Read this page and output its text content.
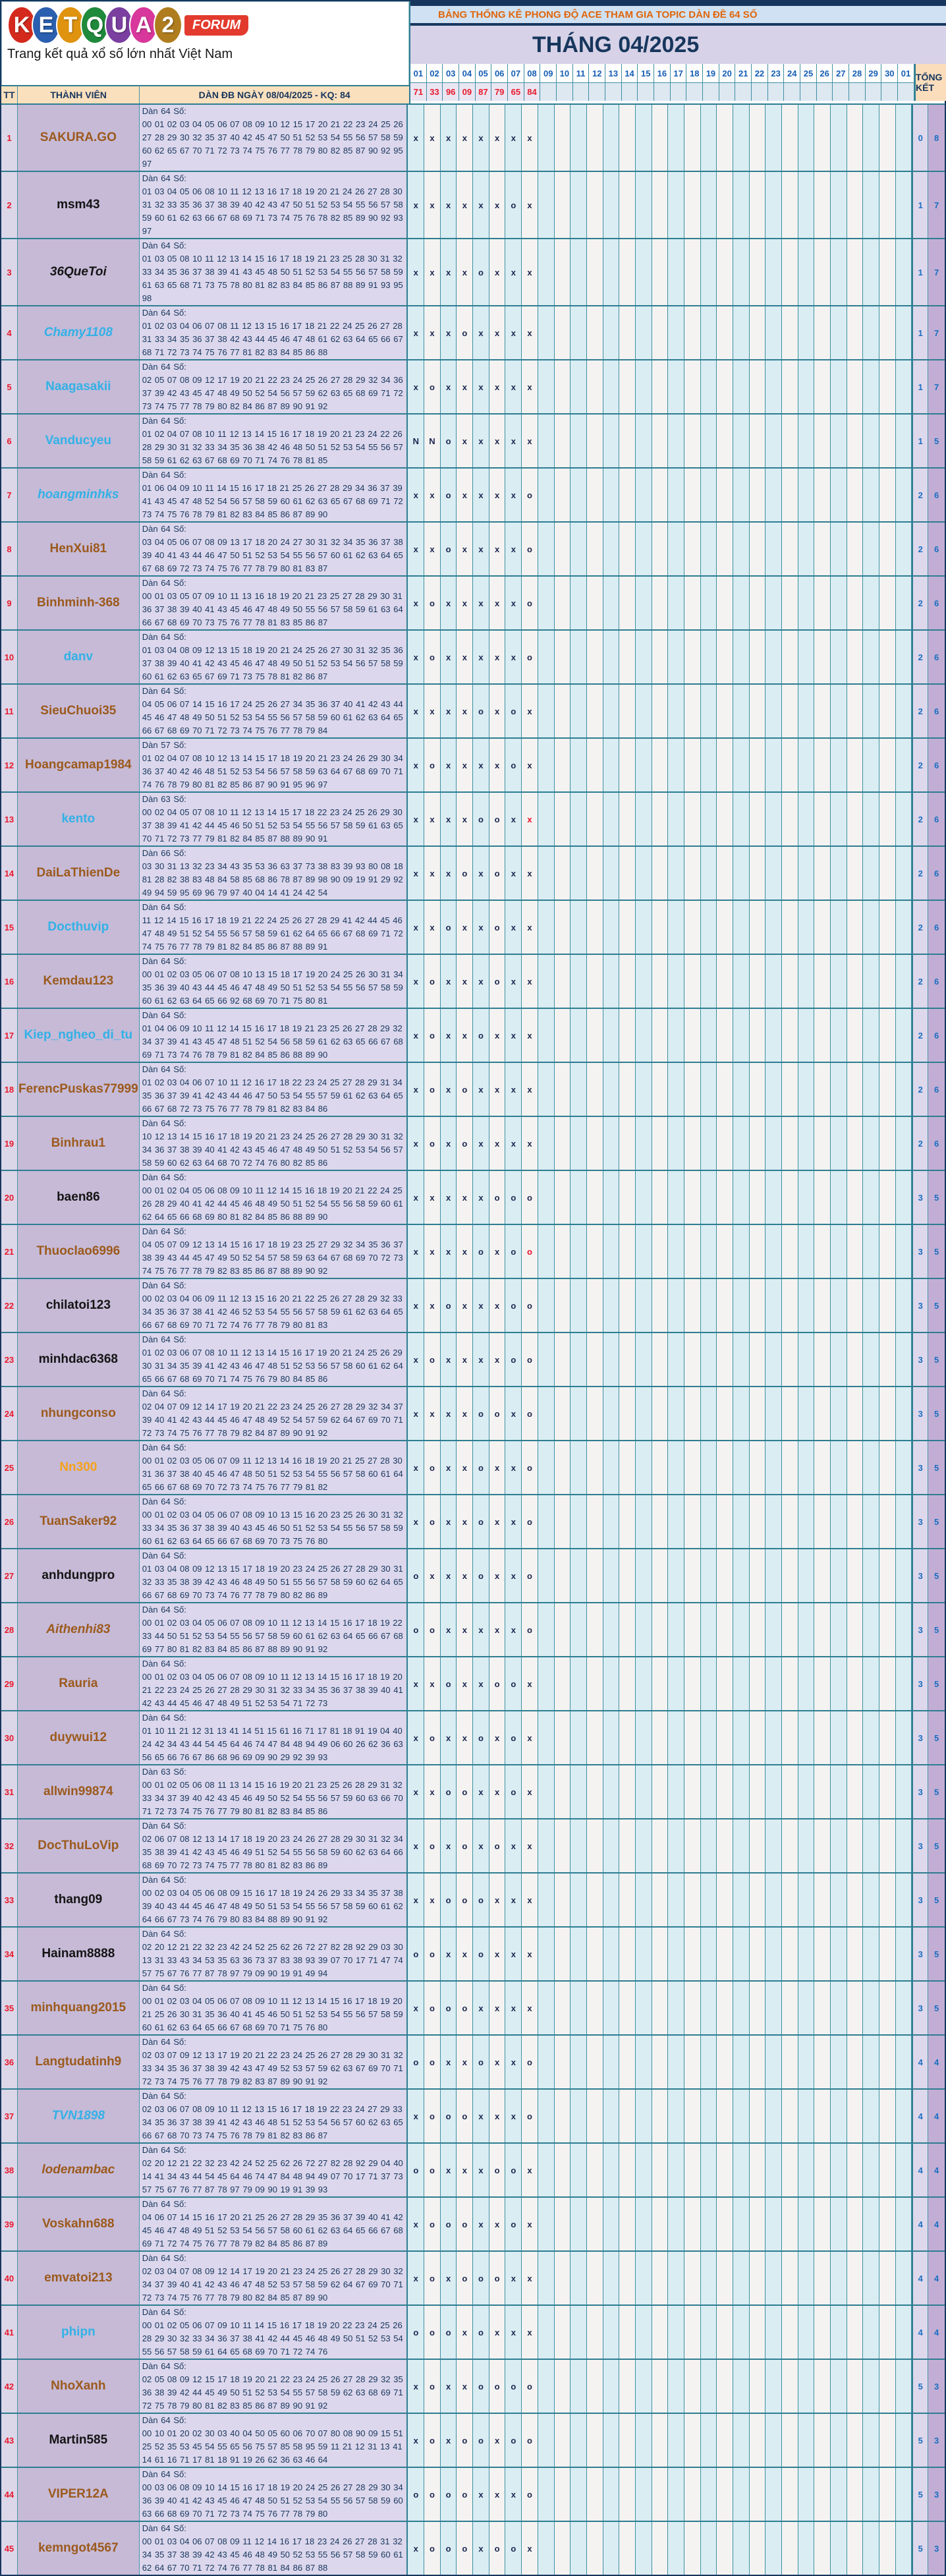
K E T Q U A 2	FORUM
Trang kết quả xổ số lớn nhất Việt Nam
TT	THÀNH VIÊN	DÀN ĐB NGÀY 08/04/2025 - KQ: 84
BẢNG THỐNG KÊ PHONG ĐỘ ACE THAM GIA TOPIC DÀN ĐỀ 64 SỐ
THÁNG 04/2025
01 02 03 04 05 06 07 08 09 10 11 12 13 14 15 16 17 18 19 20 21 22 23 24 25 26 27 28 29 30 01
71 33 96 09 87 79 65 84
TỔNG KẾT
1	SAKURA.GO
Dàn 64 Số:
00 01 02 03 04 05 06 07 08 09 10 12 15 17 20 21 22 23 24 25 26 27 28 29 30 32 35 37 40 42 45 47 50 51 52 53 54 55 56 57 58 59 60 62 65 67 70 71 72 73 74 75 76 77 78 79 80 82 85 87 90 92 95 97
x	x	x	x	x	x	x	x	0	8
2	msm43
Dàn 64 Số:
01 03 04 05 06 08 10 11 12 13 16 17 18 19 20 21 24 26 27 28 30 31 32 33 35 36 37 38 39 40 42 43 47 50 51 52 53 54 55 56 57 58 59 60 61 62 63 66 67 68 69 71 73 74 75 76 78 82 85 89 90 92 93 97
x	x	x	x	x	x	o	x	1	7
3	36QueToi
Dàn 64 Số:
01 03 05 08 10 11 12 13 14 15 16 17 18 19 21 23 25 28 30 31 32 33 34 35 36 37 38 39 41 43 45 48 50 51 52 53 54 55 56 57 58 59 61 63 65 68 71 73 75 78 80 81 82 83 84 85 86 87 88 89 91 93 95 98
x	x	x	x	o	x	x	x	1	7
4	Chamy1108
Dàn 64 Số:
01 02 03 04 06 07 08 11 12 13 15 16 17 18 21 22 24 25 26 27 28 31 33 34 35 36 37 38 42 43 44 45 46 47 48 61 62 63 64 65 66 67 68 71 72 73 74 75 76 77 81 82 83 84 85 86 88
x	x	x	o	x	x	x	x	1	7
5	Naagasakii
Dàn 64 Số:
02 05 07 08 09 12 17 19 20 21 22 23 24 25 26 27 28 29 32 34 36 37 39 42 43 45 47 48 49 50 52 54 56 57 59 62 63 65 68 69 71 72 73 74 75 77 78 79 80 82 84 86 87 89 90 91 92
x	o	x	x	x	x	x	x	1	7
6	Vanducyeu
Dàn 64 Số:
01 02 04 07 08 10 11 12 13 14 15 16 17 18 19 20 21 23 24 22 26 28 29 30 31 32 33 34 35 36 38 42 46 48 50 51 52 53 54 55 56 57 58 59 61 62 63 67 68 69 70 71 74 76 78 81 85
N	N	o	x	x	x	x	x	1	5
7	hoangminhks
Dàn 64 Số:
01 06 04 09 10 11 14 15 16 17 18 21 25 26 27 28 29 34 36 37 39 41 43 45 47 48 52 54 56 57 58 59 60 61 62 63 65 67 68 69 71 72 73 74 75 76 78 79 81 82 83 84 85 86 87 89 90
x	x	o	x	x	x	x	o	2	6
8	HenXui81
Dàn 64 Số:
03 04 05 06 07 08 09 13 17 18 20 24 27 30 31 32 34 35 36 37 38 39 40 41 43 44 46 47 50 51 52 53 54 55 56 57 60 61 62 63 64 65 67 68 69 72 73 74 75 76 77 78 79 80 81 83 87
x	x	o	x	x	x	x	o	2	6
9	Binhminh-368
Dàn 64 Số:
00 01 03 05 07 09 10 11 13 16 18 19 20 21 23 25 27 28 29 30 31 36 37 38 39 40 41 43 45 46 47 48 49 50 55 56 57 58 59 61 63 64 66 67 68 69 70 73 75 76 77 78 81 83 85 86 87
x	o	x	x	x	x	x	o	2	6
10	danv
Dàn 64 Số:
01 03 04 08 09 12 13 15 18 19 20 21 24 25 26 27 30 31 32 35 36 37 38 39 40 41 42 43 45 46 47 48 49 50 51 52 53 54 56 57 58 59 60 61 62 63 65 67 69 71 73 75 78 81 82 86 87
x	o	x	x	x	x	x	o	2	6
11	SieuChuoi35
Dàn 64 Số:
04 05 06 07 14 15 16 17 24 25 26 27 34 35 36 37 40 41 42 43 44 45 46 47 48 49 50 51 52 53 54 55 56 57 58 59 60 61 62 63 64 65 66 67 68 69 70 71 72 73 74 75 76 77 78 79 84
x	x	x	x	o	x	o	x	2	6
12 Hoangcamap1984
Dàn 57 Số:
01 02 04 07 08 10 12 13 14 15 17 18 19 20 21 23 24 26 29 30 34 36 37 40 42 46 48 51 52 53 54 56 57 58 59 63 64 67 68 69 70 71 74 76 78 79 80 81 82 85 86 87 90 91 95 96 97
x	o	x	x	x	x	o	x	2	6
13	kento
Dàn 63 Số:
00 02 04 05 07 08 10 11 12 13 14 15 17 18 22 23 24 25 26 29 30 37 38 39 41 42 44 45 46 50 51 52 53 54 55 56 57 58 59 61 63 65 70 71 72 73 77 79 81 82 84 85 87 88 89 90 91
x	x	x	x	o	o	x	x	2	6
14	DaiLaThienDe
Dàn 66 Số:
03 30 31 13 32 23 34 43 35 53 36 63 37 73 38 83 39 93 80 08 18 81 28 82 38 83 48 84 58 85 68 86 78 87 89 98 90 09 19 91 29 92 49 94 59 95 69 96 79 97 40 04 14 41 24 42 54
x	x	x	o	x	o	x	x	2	6
15	Docthuvip
Dàn 64 Số:
11 12 14 15 16 17 18 19 21 22 24 25 26 27 28 29 41 42 44 45 46 47 48 49 51 52 54 55 56 57 58 59 61 62 64 65 66 67 68 69 71 72 74 75 76 77 78 79 81 82 84 85 86 87 88 89 91
x	x	o	x	x	o	x	x	2	6
16	Kemdau123
Dàn 64 Số:
00 01 02 03 05 06 07 08 10 13 15 18 17 19 20 24 25 26 30 31 34 35 36 39 40 43 44 45 46 47 48 49 50 51 52 53 54 55 56 57 58 59 60 61 62 63 64 65 66 92 68 69 70 71 75 80 81
x	o	x	x	x	o	x	x	2	6
17 Kiep_ngheo_di_tu
Dàn 64 Số:
01 04 06 09 10 11 12 14 15 16 17 18 19 21 23 25 26 27 28 29 32 34 37 39 41 43 45 47 48 51 52 54 56 58 59 61 62 63 65 66 67 68 69 71 73 74 76 78 79 81 82 84 85 86 88 89 90
x	o	x	x	o	x	x	x	2	6
18 FerencPuskas77999
Dàn 64 Số:
01 02 03 04 06 07 10 11 12 16 17 18 22 23 24 25 27 28 29 31 34 35 36 37 39 41 42 43 44 46 47 50 53 54 55 57 59 61 62 63 64 65 66 67 68 72 73 75 76 77 78 79 81 82 83 84 86
x	o	x	o	x	x	x	x	2	6
19	Binhrau1
Dàn 64 Số:
10 12 13 14 15 16 17 18 19 20 21 23 24 25 26 27 28 29 30 31 32 34 36 37 38 39 40 41 42 43 45 46 47 48 49 50 51 52 53 54 56 57 58 59 60 62 63 64 68 70 72 74 76 80 82 85 86
x	o	x	o	x	x	x	x	2	6
20	baen86
Dàn 64 Số:
00 01 02 04 05 06 08 09 10 11 12 14 15 16 18 19 20 21 22 24 25 26 28 29 40 41 42 44 45 46 48 49 50 51 52 54 55 56 58 59 60 61 62 64 65 66 68 69 80 81 82 84 85 86 88 89 90
x	x	x	x	x	o	o	o	3	5
21	Thuoclao6996
Dàn 64 Số:
04 05 07 09 12 13 14 15 16 17 18 19 23 25 27 29 32 34 35 36 37 38 39 43 44 45 47 49 50 52 54 57 58 59 63 64 67 68 69 70 72 73 74 75 76 77 78 79 82 83 85 86 87 88 89 90 92
x	x	x	x	o	x	o	o	3	5
22	chilatoi123
Dàn 64 Số:
00 02 03 04 06 09 11 12 13 15 16 20 21 22 25 26 27 28 29 32 33 34 35 36 37 38 41 42 46 52 53 54 55 56 57 58 59 61 62 63 64 65 66 67 68 69 70 71 72 74 76 77 78 79 80 81 83
x	x	o	x	x	x	o	o	3	5
23	minhdac6368
Dàn 64 Số:
01 02 03 06 07 08 10 11 12 13 14 15 16 17 19 20 21 24 25 26 29 30 31 34 35 39 41 42 43 46 47 48 51 52 53 56 57 58 60 61 62 64 65 66 67 68 69 70 71 74 75 76 79 80 84 85 86
x	o	x	x	x	x	o	o	3	5
24	nhungconso
Dàn 64 Số:
02 04 07 09 12 14 17 19 20 21 22 23 24 25 26 27 28 29 32 34 37 39 40 41 42 43 44 45 46 47 48 49 52 54 57 59 62 64 67 69 70 71 72 73 74 75 76 77 78 79 82 84 87 89 90 91 92
x	x	x	x	o	o	x	o	3	5
25	Nn300
Dàn 64 Số:
00 01 02 03 05 06 07 09 11 12 13 14 16 18 19 20 21 25 27 28 30 31 36 37 38 40 45 46 47 48 50 51 52 53 54 55 56 57 58 60 61 64 65 66 67 68 69 70 72 73 74 75 76 77 79 81 82
x	o	x	x	o	x	x	o	3	5
26	TuanSaker92
Dàn 64 Số:
00 01 02 03 04 05 06 07 08 09 10 13 15 16 20 23 25 26 30 31 32 33 34 35 36 37 38 39 40 43 45 46 50 51 52 53 54 55 56 57 58 59 60 61 62 63 64 65 66 67 68 69 70 73 75 76 80
x	o	x	x	o	x	x	o	3	5
27	anhdungpro
Dàn 64 Số:
01 03 04 08 09 12 13 15 17 18 19 20 23 24 25 26 27 28 29 30 31 32 33 35 38 39 42 43 46 48 49 50 51 55 56 57 58 59 60 62 64 65 66 67 68 69 70 73 74 76 77 78 79 80 82 86 89
o	x	x	x	o	x	x	o	3	5
28	Aithenhi83
Dàn 64 Số:
00 01 02 03 04 05 06 07 08 09 10 11 12 13 14 15 16 17 18 19 22 33 44 50 51 52 53 54 55 56 57 58 59 60 61 62 63 64 65 66 67 68 69 77 80 81 82 83 84 85 86 87 88 89 90 91 92
o	o	x	x	x	x	x	o	3	5
29	Rauria
Dàn 64 Số:
00 01 02 03 04 05 06 07 08 09 10 11 12 13 14 15 16 17 18 19 20 21 22 23 24 25 26 27 28 29 30 31 32 33 34 35 36 37 38 39 40 41 42 43 44 45 46 47 48 49 51 52 53 54 71 72 73
x	x	o	x	x	o	o	x	3	5
30	duywui12
Dàn 64 Số:
01 10 11 21 12 31 13 41 14 51 15 61 16 71 17 81 18 91 19 04 40 24 42 34 43 44 54 45 64 46 74 47 84 48 94 49 06 60 26 62 36 63 56 65 66 76 67 86 68 96 69 09 90 29 92 39 93
x	o	x	x	o	x	o	x	3	5
31	allwin99874
Dàn 63 Số:
00 01 02 05 06 08 11 13 14 15 16 19 20 21 23 25 26 28 29 31 32 33 34 37 39 40 42 43 45 46 49 50 52 54 55 56 57 59 60 63 66 70 71 72 73 74 75 76 77 79 80 81 82 83 84 85 86
x	x	o	o	x	x	o	x	3	5
32	DocThuLoVip
Dàn 64 Số:
02 06 07 08 12 13 14 17 18 19 20 23 24 26 27 28 29 30 31 32 34 35 38 39 41 42 43 45 46 49 51 52 54 55 56 58 59 60 62 63 64 66 68 69 70 72 73 74 75 77 78 80 81 82 83 86 89
x	o	x	o	x	o	x	x	3	5
33	thang09
Dàn 64 Số:
00 02 03 04 05 06 08 09 15 16 17 18 19 24 26 29 33 34 35 37 38 39 40 43 44 45 46 47 48 49 50 51 53 54 55 56 57 58 59 60 61 62 64 66 67 73 74 76 79 80 83 84 88 89 90 91 92
x	x	o	o	o	x	x	x	3	5
34	Hainam8888
Dàn 64 Số:
02 20 12 21 22 32 23 42 24 52 25 62 26 72 27 82 28 92 29 03 30 13 31 33 43 34 53 35 63 36 73 37 83 38 93 39 07 70 17 71 47 74 57 75 67 76 77 87 78 97 79 09 90 19 91 49 94
o	o	x	x	o	x	x	x	3	5
35	minhquang2015
Dàn 64 Số:
00 01 02 03 04 05 06 07 08 09 10 11 12 13 14 15 16 17 18 19 20 21 25 26 30 31 35 36 40 41 45 46 50 51 52 53 54 55 56 57 58 59 60 61 62 63 64 65 66 67 68 69 70 71 75 76 80
x	o	o	o	x	x	x	x	3	5
36	Langtudatinh9
Dàn 64 Số:
02 03 07 09 12 13 17 19 20 21 22 23 24 25 26 27 28 29 30 31 32 33 34 35 36 37 38 39 42 43 47 49 52 53 57 59 62 63 67 69 70 71 72 73 74 75 76 77 78 79 82 83 87 89 90 91 92
o	o	x	x	o	x	x	o	4	4
37	TVN1898
Dàn 64 Số:
02 03 06 07 08 09 10 11 12 13 15 16 17 18 19 22 23 24 27 29 33 34 35 36 37 38 39 41 42 43 46 48 51 52 53 54 56 57 60 62 63 65 66 67 68 70 73 74 75 76 78 79 81 82 83 86 87
x	o	o	o	x	x	x	o	4	4
38	lodenambac
Dàn 64 Số:
02 20 12 21 22 32 23 42 24 52 25 62 26 72 27 82 28 92 29 04 40 14 41 34 43 44 54 45 64 46 74 47 84 48 94 49 07 70 17 71 37 73 57 75 67 76 77 87 78 97 79 09 90 19 91 39 93
o	o	x	x	x	o	o	x	4	4
39	Voskahn688
Dàn 64 Số:
04 06 07 14 15 16 17 20 21 25 26 27 28 29 35 36 37 39 40 41 42 45 46 47 48 49 51 52 53 54 56 57 58 60 61 62 63 64 65 66 67 68 69 71 72 74 75 76 77 78 79 82 84 85 86 87 89
x	o	o	o	x	x	o	x	4	4
40	emvatoi213
Dàn 64 Số:
02 03 04 07 08 09 12 14 17 19 20 21 23 24 25 26 27 28 29 30 32 34 37 39 40 41 42 43 46 47 48 52 53 57 58 59 62 64 67 69 70 71 72 73 74 75 76 77 78 79 80 82 84 85 87 89 90
x	o	x	o	o	o	x	x	4	4
41	phipn
Dàn 64 Số:
00 01 02 05 06 07 09 10 11 14 15 16 17 18 19 20 22 23 24 25 26 28 29 30 32 33 34 36 37 38 41 42 44 45 46 48 49 50 51 52 53 54 55 56 57 58 59 61 64 65 68 69 70 71 72 74 76
o	o	o	x	o	x	x	x	4	4
42	NhoXanh
Dàn 64 Số:
02 05 08 09 12 15 17 18 19 20 21 22 23 24 25 26 27 28 29 32 35 36 38 39 42 44 45 49 50 51 52 53 54 55 57 58 59 62 63 68 69 71 72 75 78 79 80 81 82 83 85 86 87 89 90 91 92
x	o	x	x	o	o	o	o	5	3
43	Martin585
Dàn 64 Số:
00 10 01 20 02 30 03 40 04 50 05 60 06 70 07 80 08 90 09 15 51 25 52 35 53 45 54 55 65 56 75 57 85 58 95 59 11 21 12 31 13 41 14 61 16 71 17 81 18 91 19 26 62 36 63 46 64
x	o	x	o	o	x	o	o	5	3
44	VIPER12A
Dàn 64 Số:
00 03 06 08 09 10 14 15 16 17 18 19 20 24 25 26 27 28 29 30 34 36 39 40 41 42 43 45 46 47 48 50 51 52 53 54 55 56 57 58 59 60 63 66 68 69 70 71 72 73 74 75 76 77 78 79 80
o	o	o	o	x	x	x	o	5	3
45	kemngot4567
Dàn 64 Số:
00 01 03 04 06 07 08 09 11 12 14 16 17 18 23 24 26 27 28 31 32 34 35 37 38 39 42 43 45 46 48 49 50 52 53 55 56 57 58 59 60 61 62 64 67 70 71 72 74 76 77 78 81 84 86 87 88
x	o	o	o	x	o	o	x	5	3
